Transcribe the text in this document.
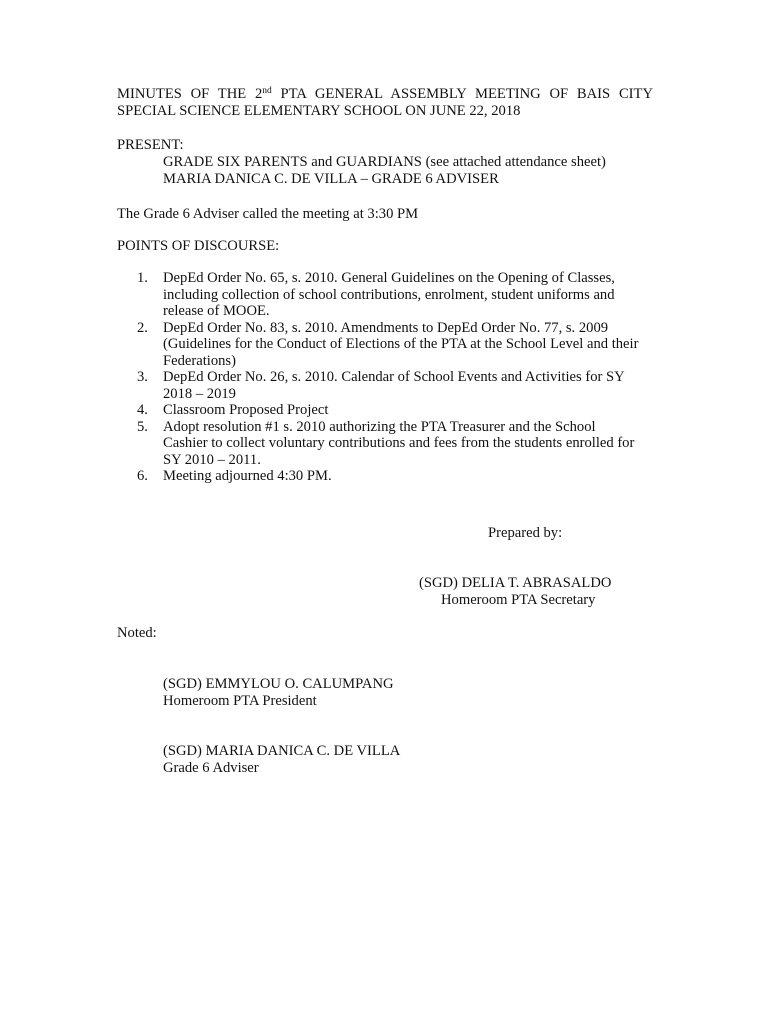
MINUTES OF THE 2nd PTA GENERAL ASSEMBLY MEETING OF BAIS CITY
SPECIAL SCIENCE ELEMENTARY SCHOOL ON JUNE 22, 2018
PRESENT:
GRADE SIX PARENTS and GUARDIANS (see attached attendance sheet)
MARIA DANICA C. DE VILLA – GRADE 6 ADVISER
The Grade 6 Adviser called the meeting at 3:30 PM
POINTS OF DISCOURSE:
1. DepEd Order No. 65, s. 2010. General Guidelines on the Opening of Classes, including collection of school contributions, enrolment, student uniforms and release of MOOE.
2. DepEd Order No. 83, s. 2010. Amendments to DepEd Order No. 77, s. 2009 (Guidelines for the Conduct of Elections of the PTA at the School Level and their Federations)
3. DepEd Order No. 26, s. 2010. Calendar of School Events and Activities for SY 2018 – 2019
4. Classroom Proposed Project
5. Adopt resolution #1 s. 2010 authorizing the PTA Treasurer and the School Cashier to collect voluntary contributions and fees from the students enrolled for SY 2010 – 2011.
6. Meeting adjourned 4:30 PM.
Prepared by:
(SGD) DELIA T. ABRASALDO
Homeroom PTA Secretary
Noted:
(SGD) EMMYLOU O. CALUMPANG
Homeroom PTA President
(SGD) MARIA DANICA C. DE VILLA
Grade 6 Adviser
